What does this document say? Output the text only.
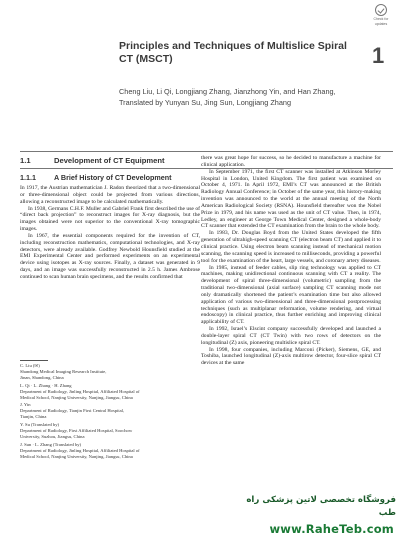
Check for
updates
Principles and Techniques of Multislice Spiral CT (MSCT)	1

Cheng Liu, Li Qi, Longjiang Zhang, Jianzhong Yin, and Han Zhang, Translated by Yunyan Su, Jing Sun, Longjiang Zhang

1.1	Development of CT Equipment
1.1.1	A Brief History of CT Development

In 1917, the Austrian mathematician J. Radon theorized that a two-dimensional or three-dimensional object could be projected from various directions, allowing a reconstructed image to be calculated mathematically.

In 1938, Germans C.H.F. Muller and Gabriel Frank first described the use of “direct back projection” to reconstruct images for X-ray diagnosis, but the images obtained were not superior to the conventional X-ray tomographic images.

In 1967, the essential components required for the invention of CT, including reconstruction mathematics, computational technologies, and X-ray detectors, were already available. Godfrey Newbold Hounsfield studied at the EMI Experimental Center and performed experiments on an experimental device using isotopes as X-ray sources. Finally, a dataset was generated in 9 days, and an image was successfully reconstructed in 2.5 h. James Ambrose continued to scan human brain specimens, and the results confirmed that

there was great hope for success, so he decided to manufacture a machine for clinical application.

In September 1971, the first CT scanner was installed at Atkinson Morley Hospital in London, United Kingdom. The first patient was examined on October 4, 1971. In April 1972, EMI’s CT was announced at the British Radiology Annual Conference; in October of the same year, this history-making invention was announced to the world at the annual meeting of the North American Radiological Society (RSNA). Hounsfield thereafter won the Nobel Prize in 1979, and his name was used as the unit of CT value. Then, in 1974, Ledley, an engineer at George Town Medical Center, designed a whole-body CT scanner that extended the CT examination from the brain to the whole body.

In 1983, Dr. Douglas Boyd from the United States developed the fifth generation of ultrahigh-speed scanning CT (electron beam CT) and applied it to clinical practice. Using electron beam scanning instead of mechanical motion scanning, the scanning speed is increased to milliseconds, providing a powerful tool for the examination of the heart, large vessels, and coronary artery diseases.

In 1985, instead of feeder cables, slip ring technology was applied to CT machines, making unidirectional continuous scanning with CT a reality. The development of spiral three-dimensional (volumetric) sampling from the traditional two-dimensional (axial surface) sampling CT scanning mode not only dramatically shortened the patient’s examination time but also allowed application of various two-dimensional and three-dimensional postprocessing techniques (such as multiplanar reformation, volume rendering, and virtual endoscopy) in clinical practice, thus further enriching and improving clinical applicability of CT.

In 1992, Israel’s Elscint company successfully developed and launched a double-layer spiral CT (CT Twin) with two rows of detectors on the longitudinal (Z) axis, pioneering multislice spiral CT.

In 1998, four companies, including Marconi (Picker), Siemens, GE, and Toshiba, launched longitudinal (Z)-axis multirow detector, four-slice spiral CT devices at the same

C. Liu (✉)
Shandong Medical Imaging Research Institute,
Jinan, Shandong, China
L. Qi · L. Zhang · H. Zhang
Department of Radiology, Jinling Hospital, Affiliated Hospital of
Medical School, Nanjing University, Nanjing, Jiangsu, China
J. Yin
Department of Radiology, Tianjin First Central Hospital,
Tianjin, China
Y. Su (Translated by)
Department of Radiology, First Affiliated Hospital, Soochow
University, Suzhou, Jiangsu, China
J. Sun · L. Zhang (Translated by)
Department of Radiology, Jinling Hospital, Affiliated Hospital of
Medical School, Nanjing University, Nanjing, Jiangsu, China
فروشگاه تخصصی لاتین پزشکی راه طب
www.RaheTeb.com
